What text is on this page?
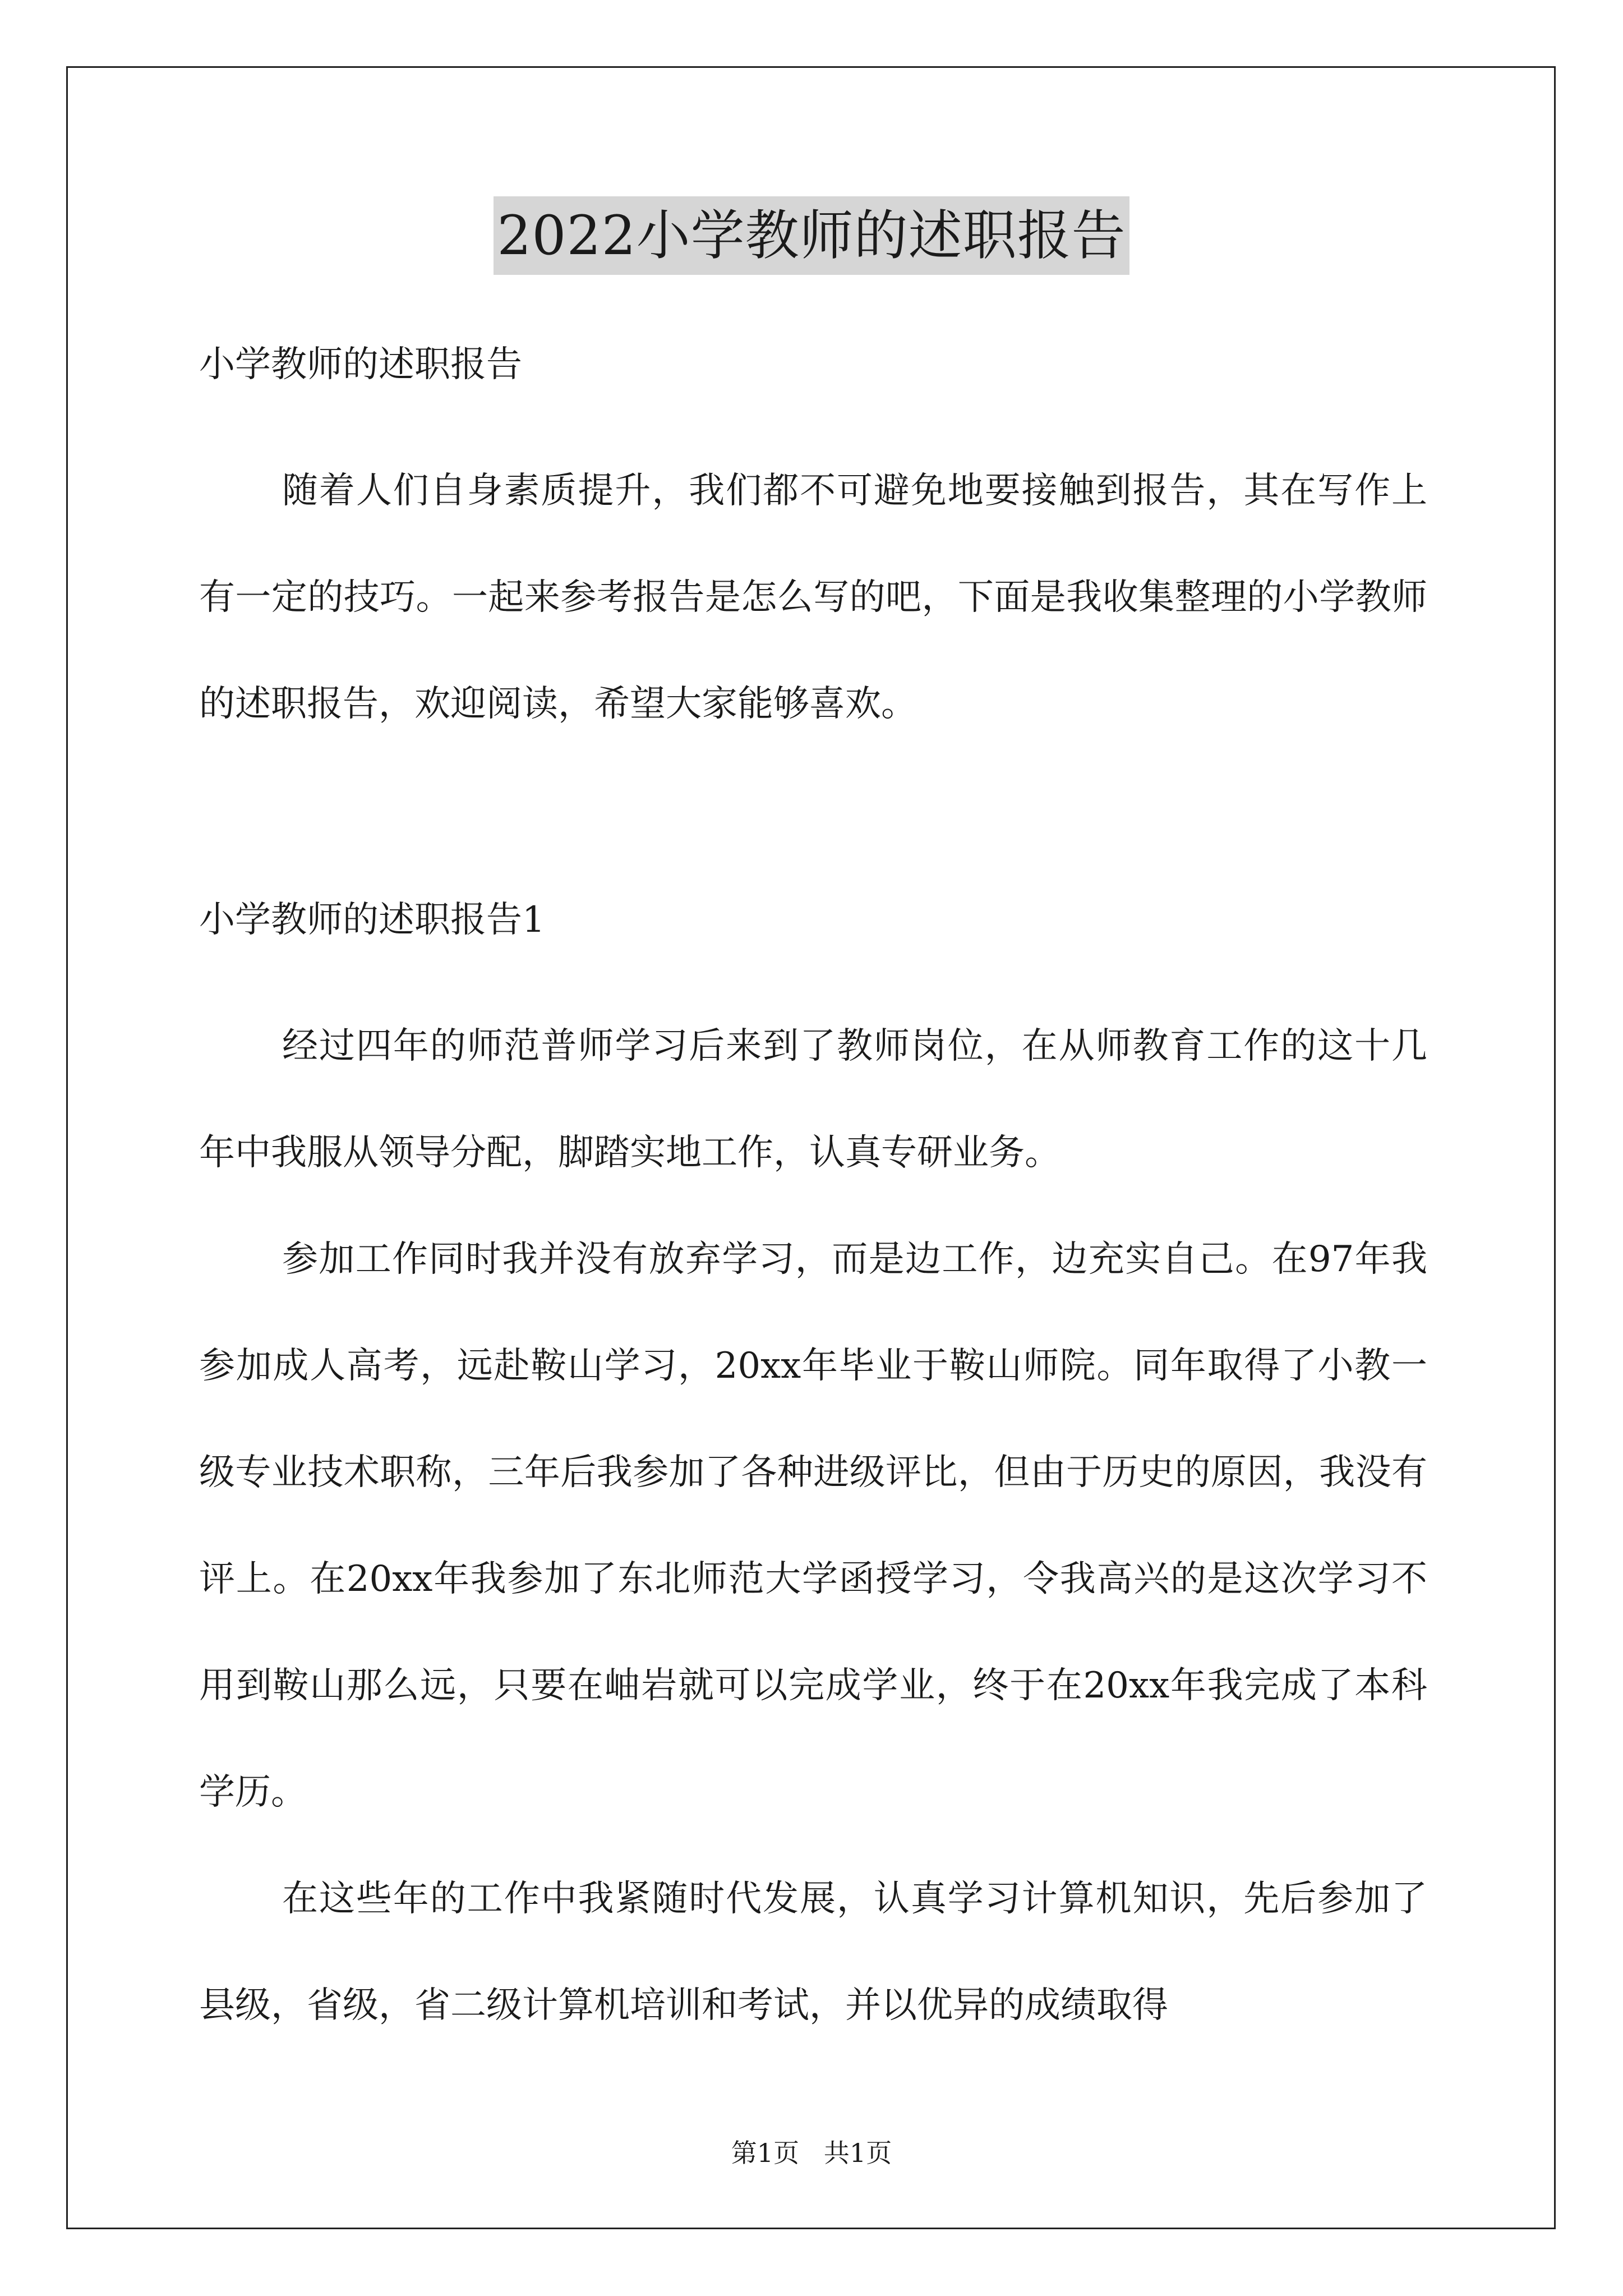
2022小学教师的述职报告

小学教师的述职报告

随着人们自身素质提升，我们都不可避免地要接触到报告，其在写作上有一定的技巧。一起来参考报告是怎么写的吧，下面是我收集整理的小学教师的述职报告，欢迎阅读，希望大家能够喜欢。

小学教师的述职报告1

经过四年的师范普师学习后来到了教师岗位，在从师教育工作的这十几年中我服从领导分配，脚踏实地工作，认真专研业务。

参加工作同时我并没有放弃学习，而是边工作，边充实自己。在97年我参加成人高考，远赴鞍山学习，20xx年毕业于鞍山师院。同年取得了小教一级专业技术职称，三年后我参加了各种进级评比，但由于历史的原因，我没有评上。在20xx年我参加了东北师范大学函授学习，令我高兴的是这次学习不用到鞍山那么远，只要在岫岩就可以完成学业，终于在20xx年我完成了本科学历。

在这些年的工作中我紧随时代发展，认真学习计算机知识，先后参加了县级，省级，省二级计算机培训和考试，并以优异的成绩取得

第1页   共1页
